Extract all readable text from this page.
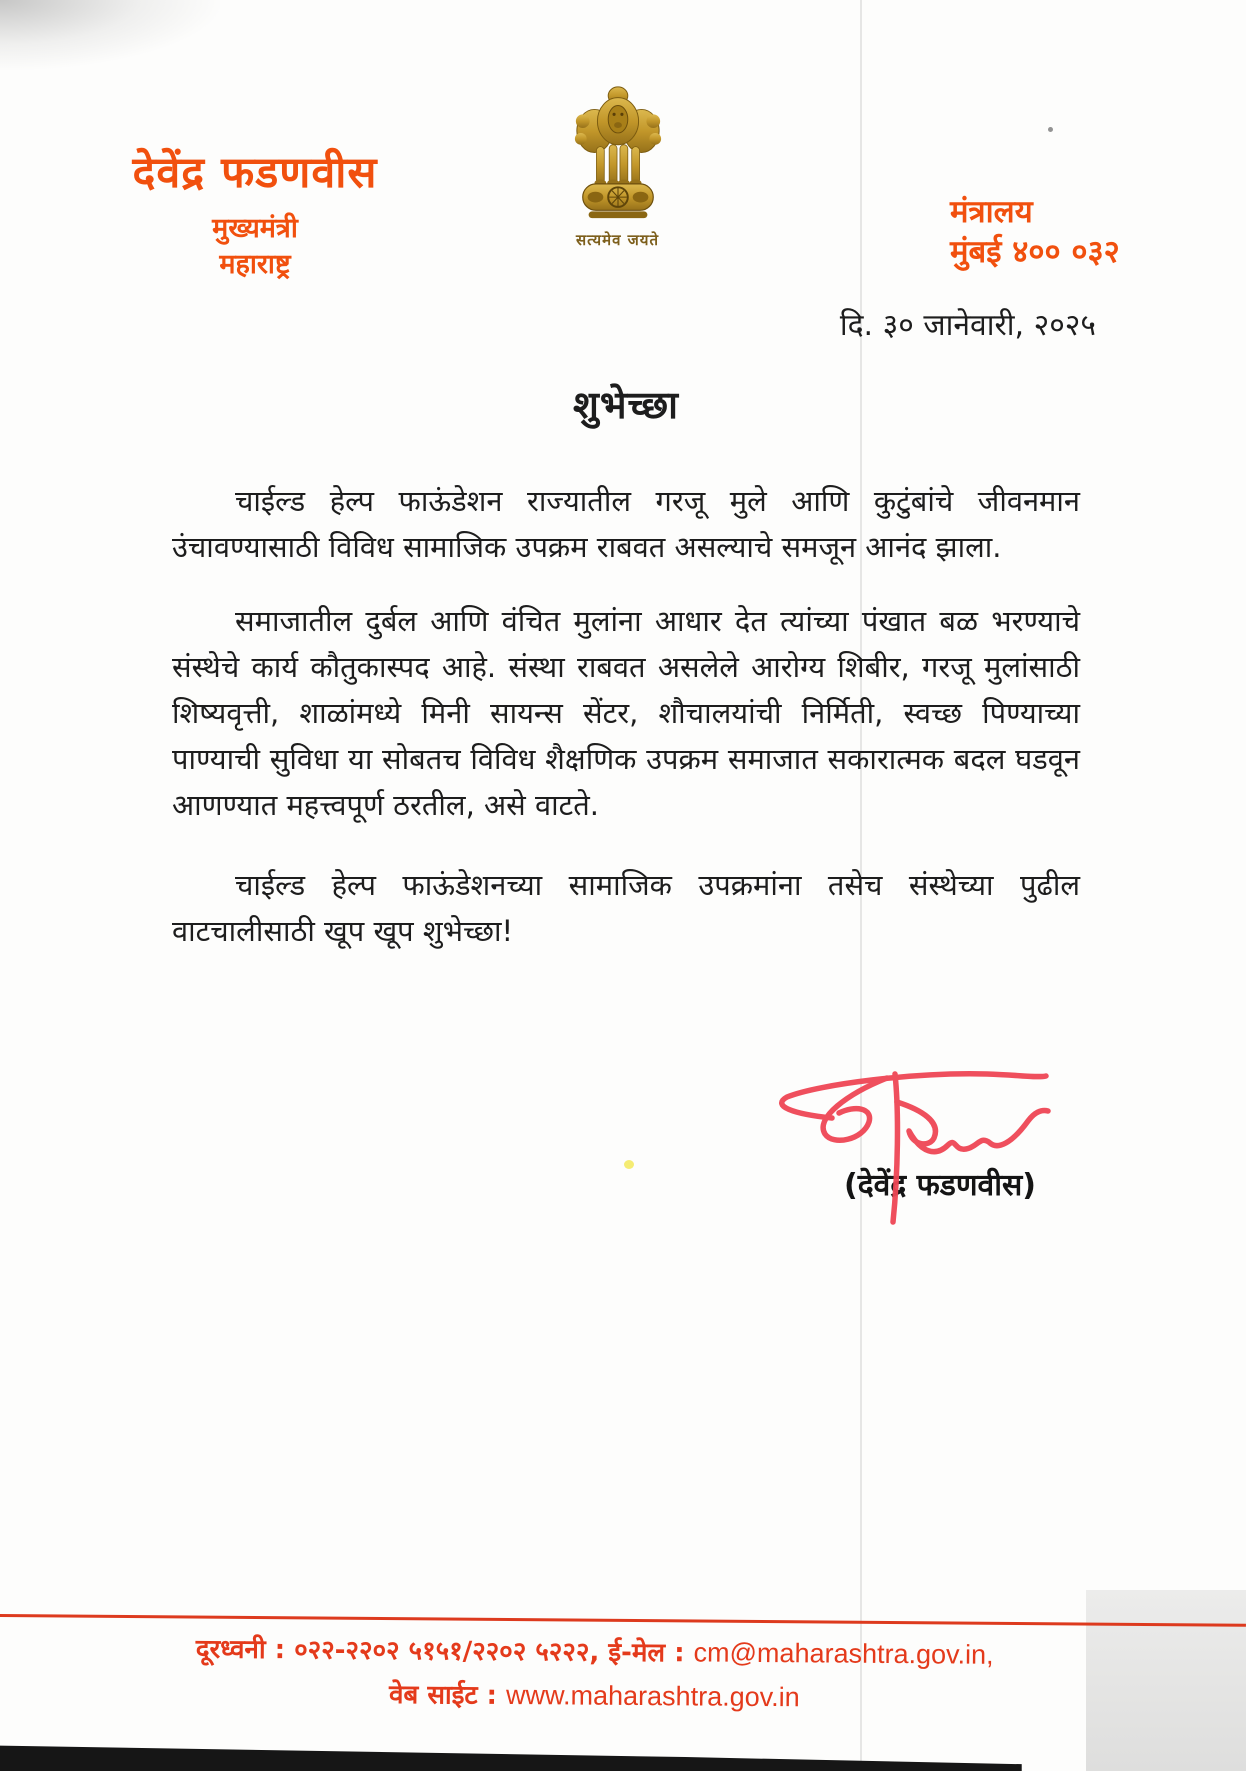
देवेंद्र फडणवीस
मुख्यमंत्री
महाराष्ट्र
सत्यमेव जयते
मंत्रालय
मुंबई ४०० ०३२
दि. ३० जानेवारी, २०२५
शुभेच्छा

चाईल्ड हेल्प फाऊंडेशन राज्यातील गरजू मुले आणि कुटुंबांचे जीवनमान उंचावण्यासाठी विविध सामाजिक उपक्रम राबवत असल्याचे समजून आनंद झाला.

समाजातील दुर्बल आणि वंचित मुलांना आधार देत त्यांच्या पंखात बळ भरण्याचे संस्थेचे कार्य कौतुकास्पद आहे. संस्था राबवत असलेले आरोग्य शिबीर, गरजू मुलांसाठी शिष्यवृत्ती, शाळांमध्ये मिनी सायन्स सेंटर, शौचालयांची निर्मिती, स्वच्छ पिण्याच्या पाण्याची सुविधा या सोबतच विविध शैक्षणिक उपक्रम समाजात सकारात्मक बदल घडवून आणण्यात महत्त्वपूर्ण ठरतील, असे वाटते.

चाईल्ड हेल्प फाऊंडेशनच्या सामाजिक उपक्रमांना तसेच संस्थेच्या पुढील वाटचालीसाठी खूप खूप शुभेच्छा!

(देवेंद्र फडणवीस)
दूरध्वनी : ०२२-२२०२ ५१५१/२२०२ ५२२२, ई-मेल : cm@maharashtra.gov.in,
वेब साईट : www.maharashtra.gov.in
